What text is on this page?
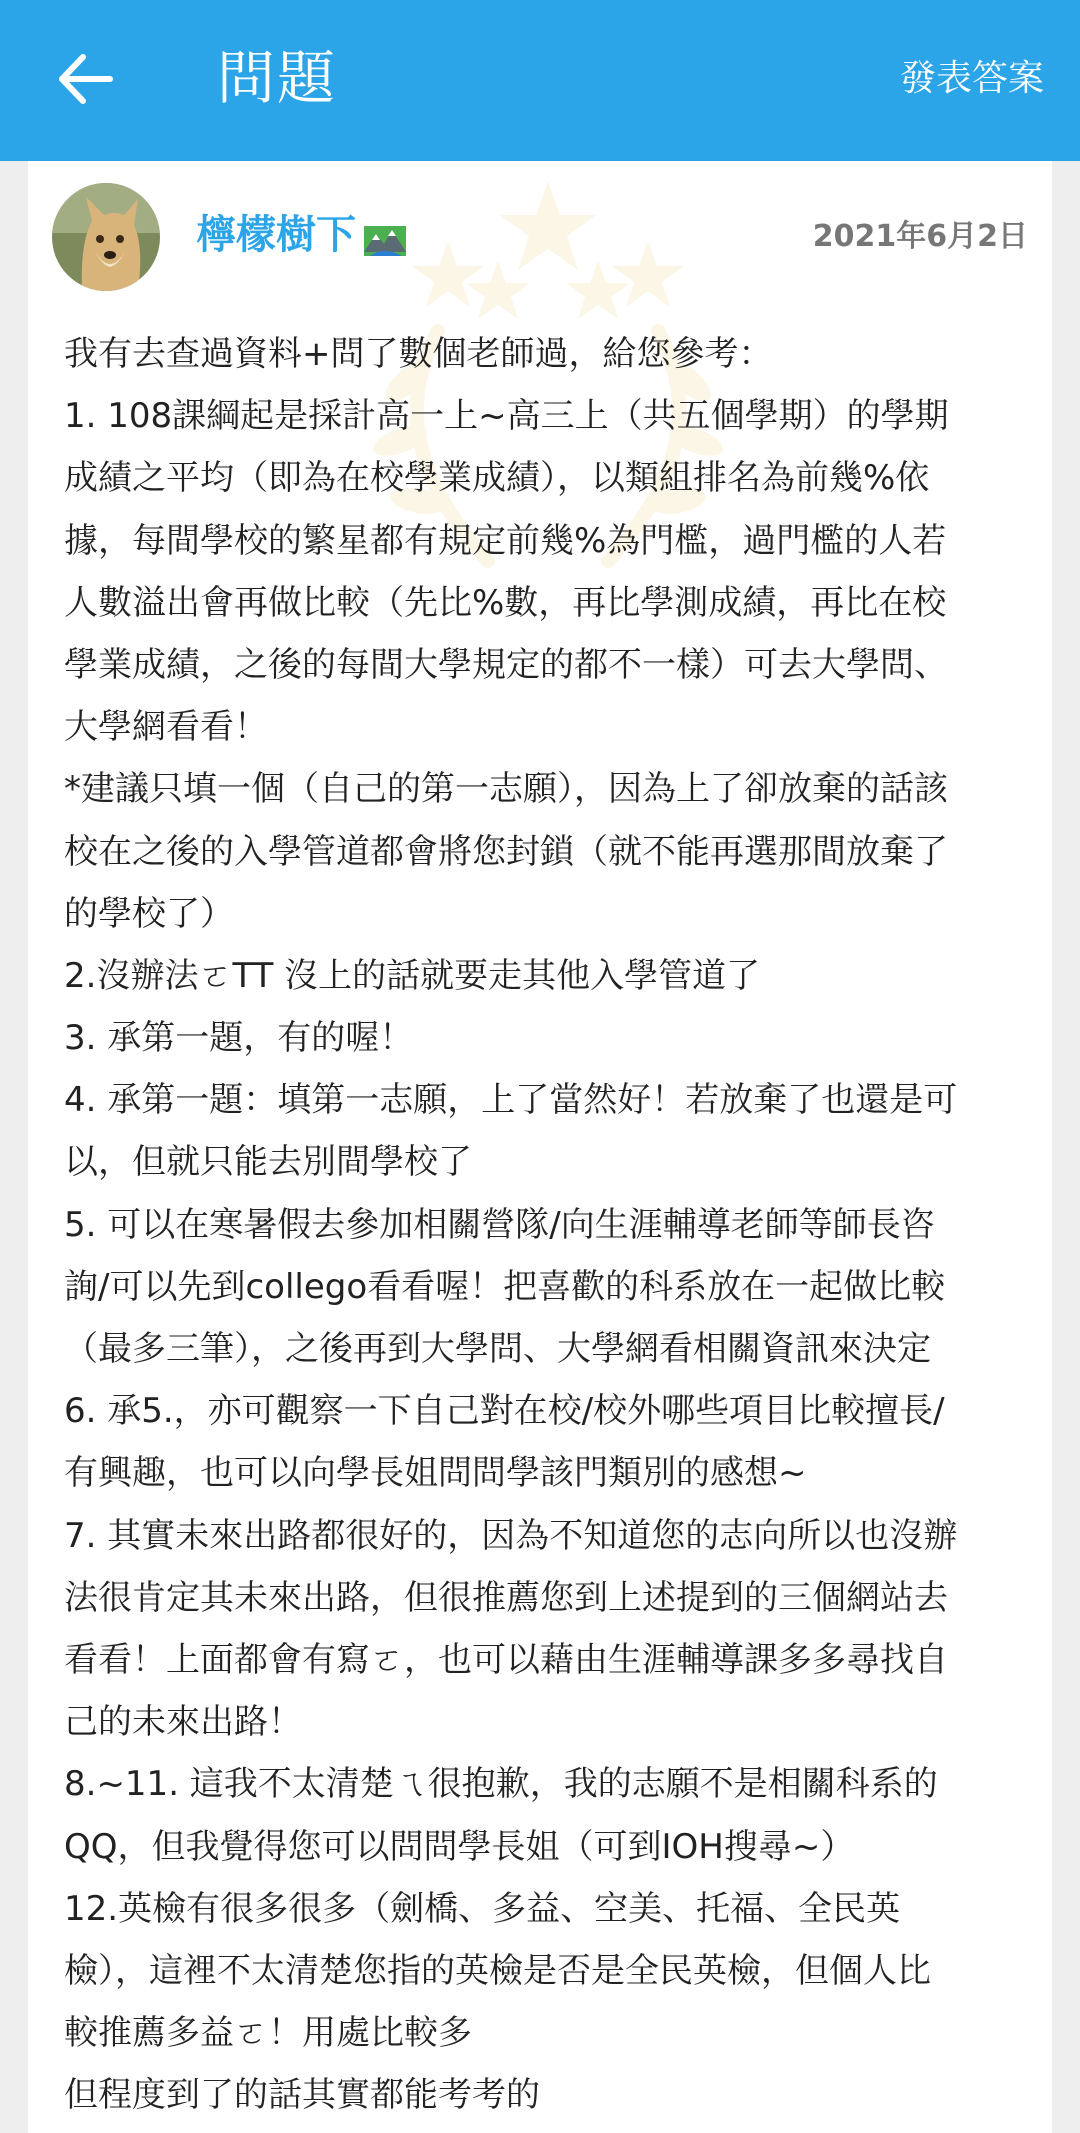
問題	發表答案
檸檬樹下	2021年6月2日
我有去查過資料+問了數個老師過，給您參考：
1. 108課綱起是採計高一上~高三上（共五個學期）的學期
成績之平均（即為在校學業成績），以類組排名為前幾%依
據，每間學校的繁星都有規定前幾%為門檻，過門檻的人若
人數溢出會再做比較（先比%數，再比學測成績，再比在校
學業成績，之後的每間大學規定的都不一樣）可去大學問、
大學網看看！
*建議只填一個（自己的第一志願），因為上了卻放棄的話該
校在之後的入學管道都會將您封鎖（就不能再選那間放棄了
的學校了）
2.沒辦法ㄛTT 沒上的話就要走其他入學管道了
3. 承第一題，有的喔！
4. 承第一題：填第一志願，上了當然好！若放棄了也還是可
以，但就只能去別間學校了
5. 可以在寒暑假去參加相關營隊/向生涯輔導老師等師長咨
詢/可以先到collego看看喔！把喜歡的科系放在一起做比較
（最多三筆），之後再到大學問、大學網看相關資訊來決定
6. 承5.，亦可觀察一下自己對在校/校外哪些項目比較擅長/
有興趣，也可以向學長姐問問學該門類別的感想~
7. 其實未來出路都很好的，因為不知道您的志向所以也沒辦
法很肯定其未來出路，但很推薦您到上述提到的三個網站去
看看！上面都會有寫ㄛ，也可以藉由生涯輔導課多多尋找自
己的未來出路！
8.~11. 這我不太清楚ㄟ很抱歉，我的志願不是相關科系的
QQ，但我覺得您可以問問學長姐（可到IOH搜尋~）
12.英檢有很多很多（劍橋、多益、空美、托福、全民英
檢），這裡不太清楚您指的英檢是否是全民英檢，但個人比
較推薦多益ㄛ！用處比較多
但程度到了的話其實都能考考的
